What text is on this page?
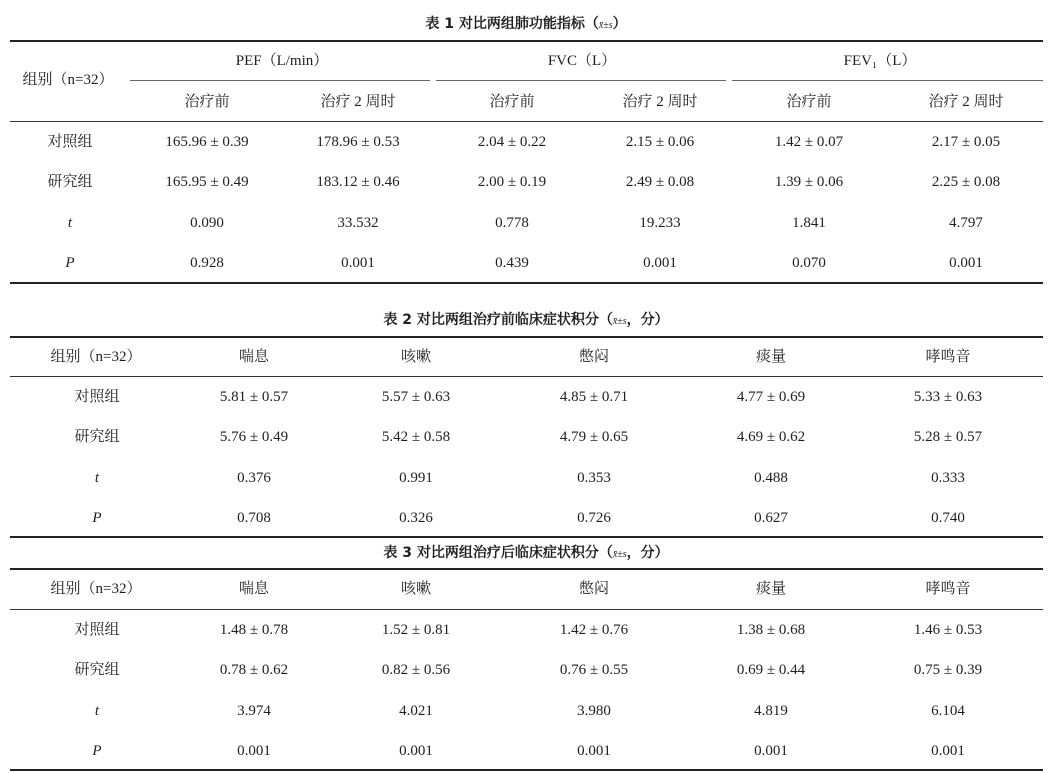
表 1 对比两组肺功能指标（x̄±s）
组别（n=32）
PEF（L/min）	FVC（L）	FEV₁（L）
治疗前	治疗 2 周时	治疗前	治疗 2 周时	治疗前	治疗 2 周时
对照组	165.96 ± 0.39	178.96 ± 0.53	2.04 ± 0.22	2.15 ± 0.06	1.42 ± 0.07	2.17 ± 0.05
研究组	165.95 ± 0.49	183.12 ± 0.46	2.00 ± 0.19	2.49 ± 0.08	1.39 ± 0.06	2.25 ± 0.08
t	0.090	33.532	0.778	19.233	1.841	4.797
P	0.928	0.001	0.439	0.001	0.070	0.001
表 2 对比两组治疗前临床症状积分（x̄±s，分）
组别（n=32）	喘息	咳嗽	憋闷	痰量	哮鸣音
对照组	5.81 ± 0.57	5.57 ± 0.63	4.85 ± 0.71	4.77 ± 0.69	5.33 ± 0.63
研究组	5.76 ± 0.49	5.42 ± 0.58	4.79 ± 0.65	4.69 ± 0.62	5.28 ± 0.57
t	0.376	0.991	0.353	0.488	0.333
P	0.708	0.326	0.726	0.627	0.740
表 3 对比两组治疗后临床症状积分（x̄±s，分）
组别（n=32）	喘息	咳嗽	憋闷	痰量	哮鸣音
对照组	1.48 ± 0.78	1.52 ± 0.81	1.42 ± 0.76	1.38 ± 0.68	1.46 ± 0.53
研究组	0.78 ± 0.62	0.82 ± 0.56	0.76 ± 0.55	0.69 ± 0.44	0.75 ± 0.39
t	3.974	4.021	3.980	4.819	6.104
P	0.001	0.001	0.001	0.001	0.001
